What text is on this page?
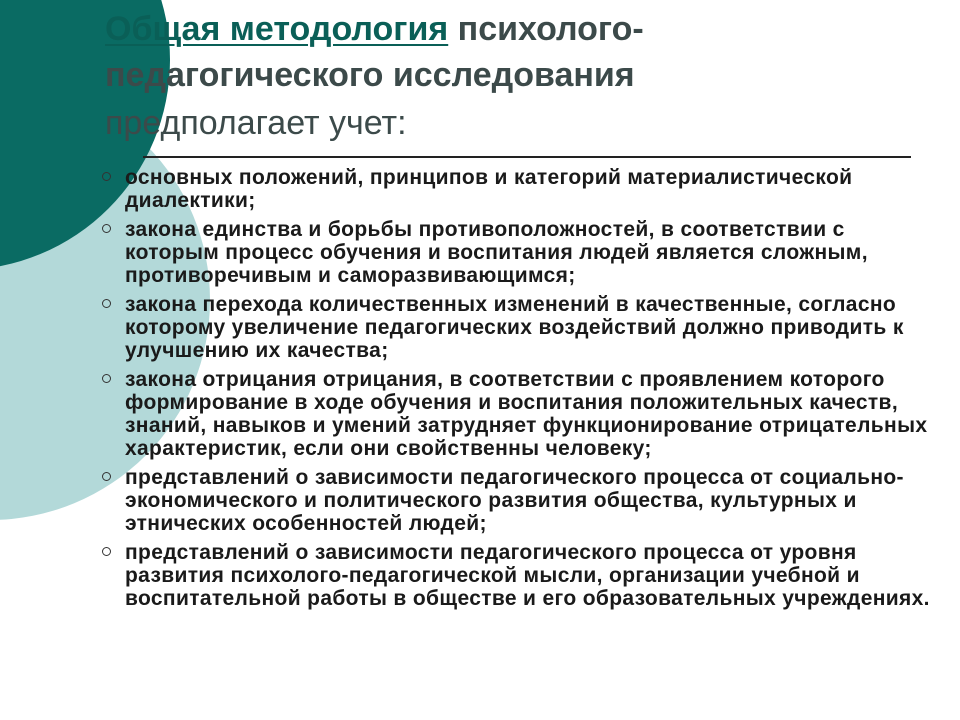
Общая методология психолого-
педагогического исследования
предполагает учет:
основных положений, принципов и категорий материалистической диалектики;
закона единства и борьбы противоположностей, в соответствии с которым процесс обучения и воспитания людей является сложным, противоречивым и саморазвивающимся;
закона перехода количественных изменений в качественные, согласно которому увеличение педагогических воздействий должно приводить к улучшению их качества;
закона отрицания отрицания, в соответствии с проявлением которого формирование в ходе обучения и воспитания положительных качеств, знаний, навыков и умений затрудняет функционирование отрицательных характеристик, если они свойственны человеку;
представлений о зависимости педагогического процесса от социально-экономического и политического развития общества, культурных и этнических особенностей людей;
представлений о зависимости педагогического процесса от уровня развития психолого-педагогической мысли, организации учебной и воспитательной работы в обществе и его образовательных учреждениях.
